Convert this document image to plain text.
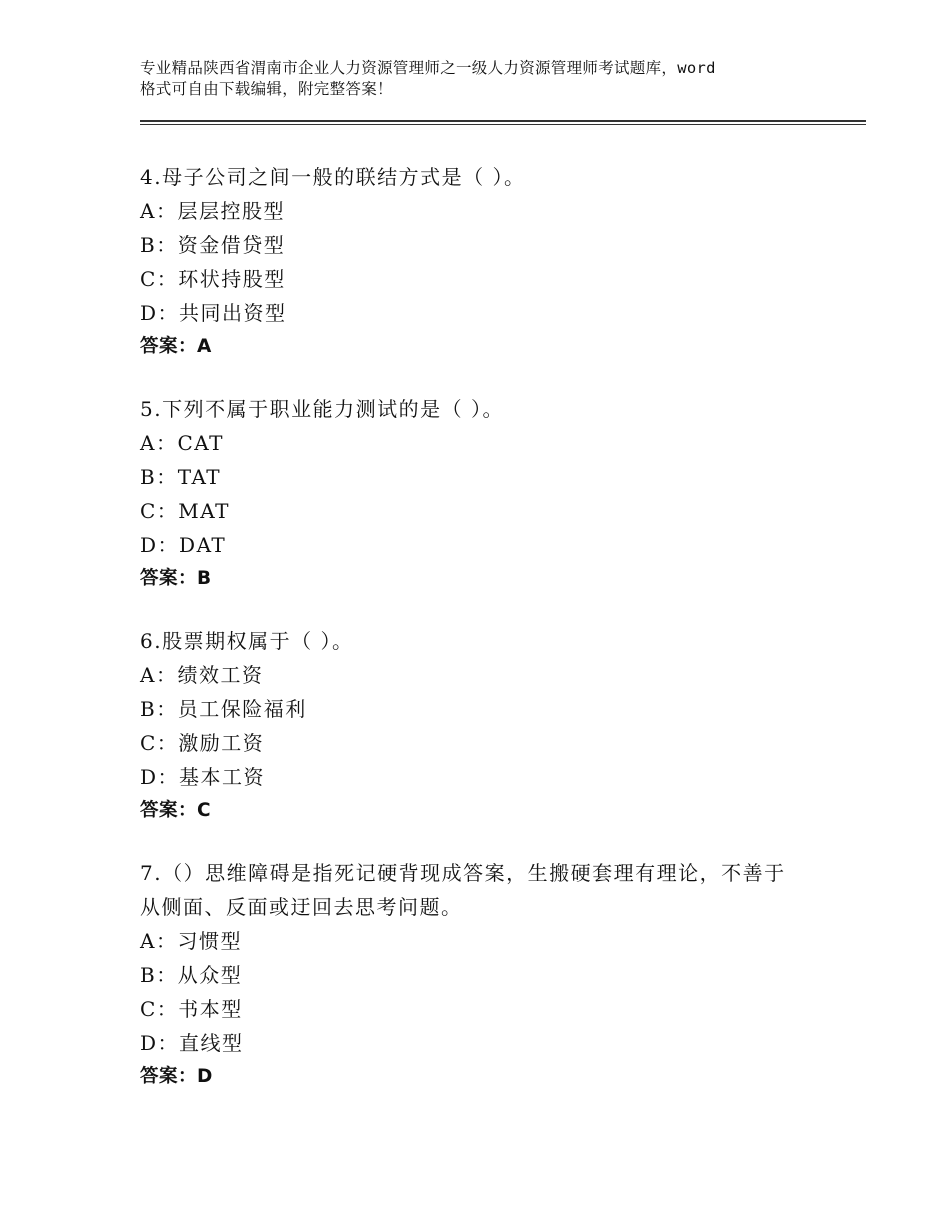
专业精品陕西省渭南市企业人力资源管理师之一级人力资源管理师考试题库，word
格式可自由下载编辑，附完整答案！
4.母子公司之间一般的联结方式是（ ）。
A：层层控股型
B：资金借贷型
C：环状持股型
D：共同出资型
答案：A
5.下列不属于职业能力测试的是（ ）。
A：CAT
B：TAT
C：MAT
D：DAT
答案：B
6.股票期权属于（ ）。
A：绩效工资
B：员工保险福利
C：激励工资
D：基本工资
答案：C
7.（）思维障碍是指死记硬背现成答案，生搬硬套理有理论，不善于
从侧面、反面或迂回去思考问题。
A：习惯型
B：从众型
C：书本型
D：直线型
答案：D
